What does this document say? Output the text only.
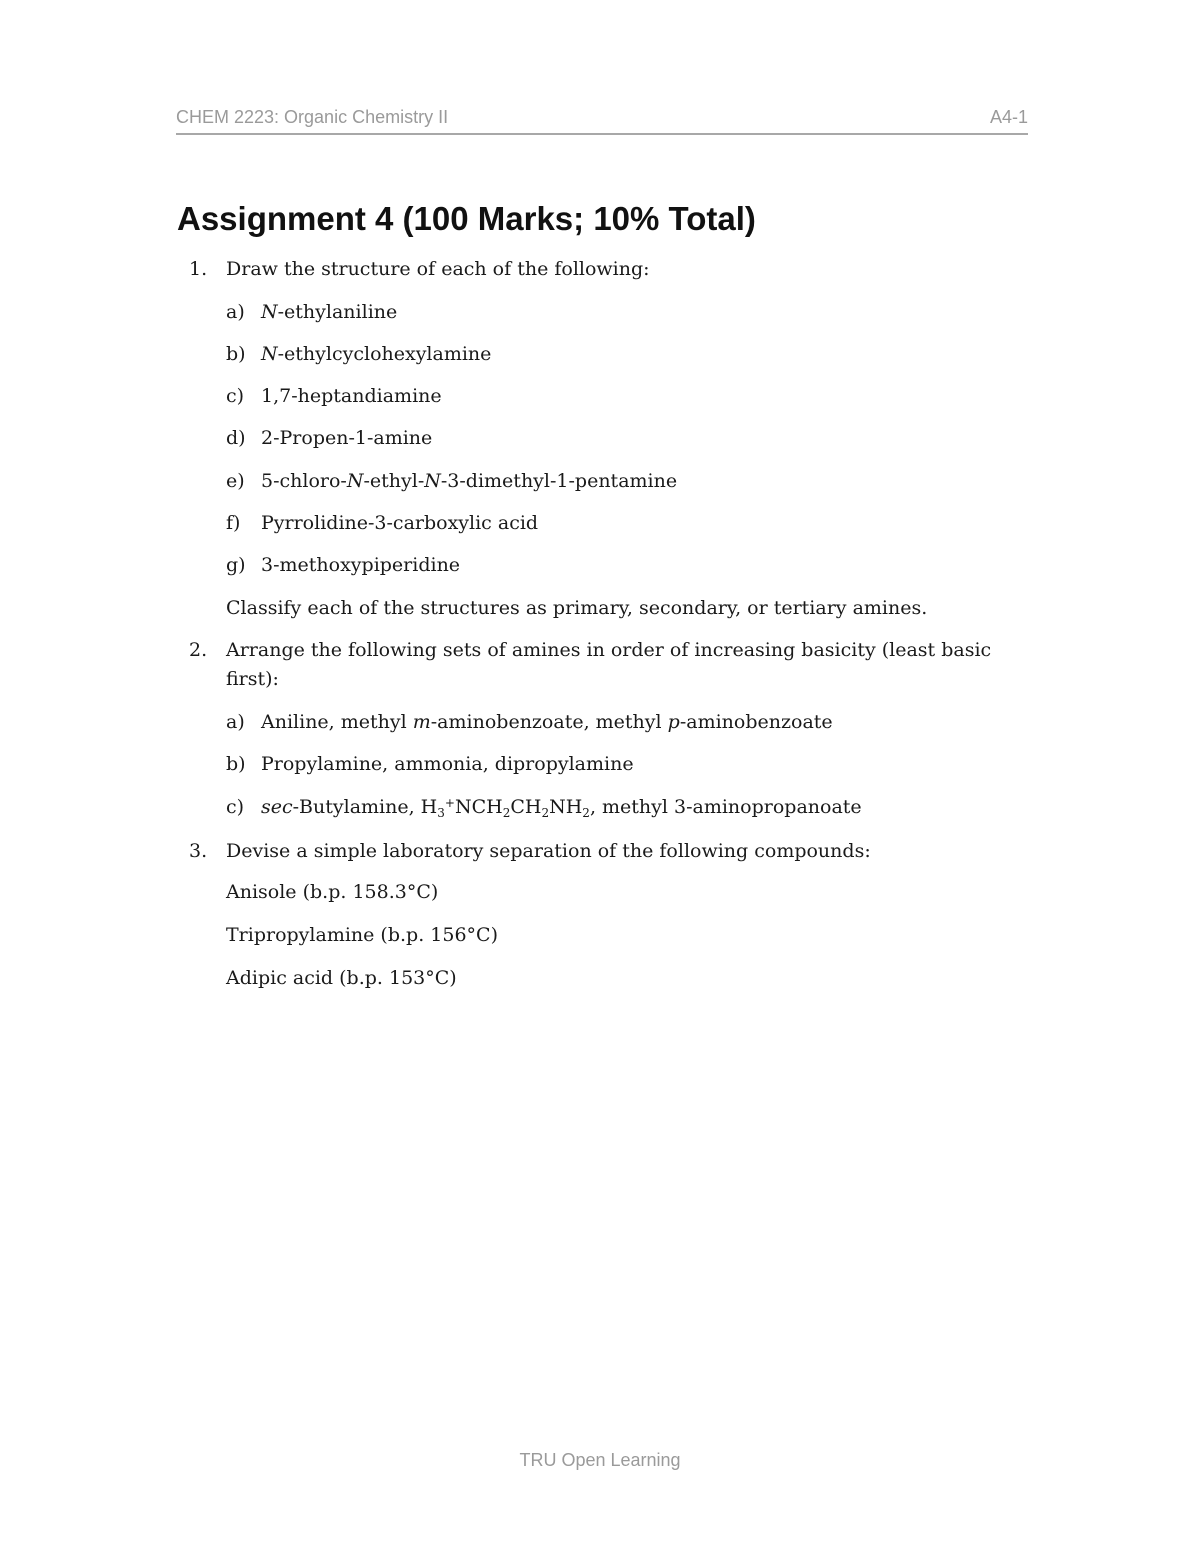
CHEM 2223: Organic Chemistry II	A4-1
Assignment 4 (100 Marks; 10% Total)
1. Draw the structure of each of the following:
a) N-ethylaniline
b) N-ethylcyclohexylamine
c) 1,7-heptandiamine
d) 2-Propen-1-amine
e) 5-chloro-N-ethyl-N-3-dimethyl-1-pentamine
f) Pyrrolidine-3-carboxylic acid
g) 3-methoxypiperidine
Classify each of the structures as primary, secondary, or tertiary amines.
2. Arrange the following sets of amines in order of increasing basicity (least basic
first):
a) Aniline, methyl m-aminobenzoate, methyl p-aminobenzoate
b) Propylamine, ammonia, dipropylamine
c) sec-Butylamine, $H_3^+NCH_2CH_2NH_2$, methyl 3-aminopropanoate
3. Devise a simple laboratory separation of the following compounds:
Anisole (b.p. 158.3°C)
Tripropylamine (b.p. 156°C)
Adipic acid (b.p. 153°C)
TRU Open Learning
